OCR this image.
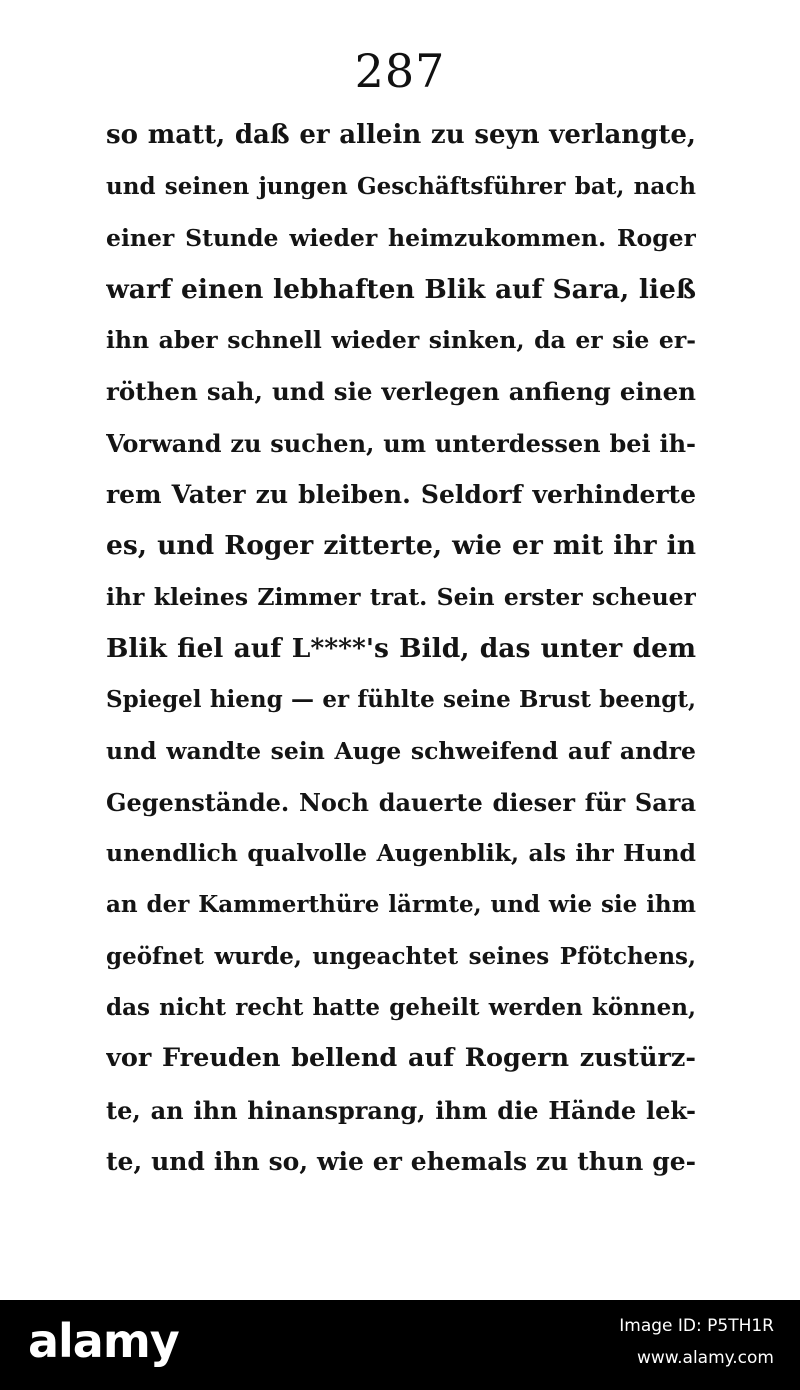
287
so matt, daß er allein zu seyn verlangte,
und seinen jungen Geschäftsführer bat, nach
einer Stunde wieder heimzukommen. Roger
warf einen lebhaften Blik auf Sara, ließ
ihn aber schnell wieder sinken, da er sie er-
röthen sah, und sie verlegen anfieng einen
Vorwand zu suchen, um unterdessen bei ih-
rem Vater zu bleiben. Seldorf verhinderte
es, und Roger zitterte, wie er mit ihr in
ihr kleines Zimmer trat. Sein erster scheuer
Blik fiel auf L****'s Bild, das unter dem
Spiegel hieng — er fühlte seine Brust beengt,
und wandte sein Auge schweifend auf andre
Gegenstände. Noch dauerte dieser für Sara
unendlich qualvolle Augenblik, als ihr Hund
an der Kammerthüre lärmte, und wie sie ihm
geöfnet wurde, ungeachtet seines Pfötchens,
das nicht recht hatte geheilt werden können,
vor Freuden bellend auf Rogern zustürz-
te, an ihn hinansprang, ihm die Hände lek-
te, und ihn so, wie er ehemals zu thun ge-
alamy	Image ID: P5TH1R
www.alamy.com
